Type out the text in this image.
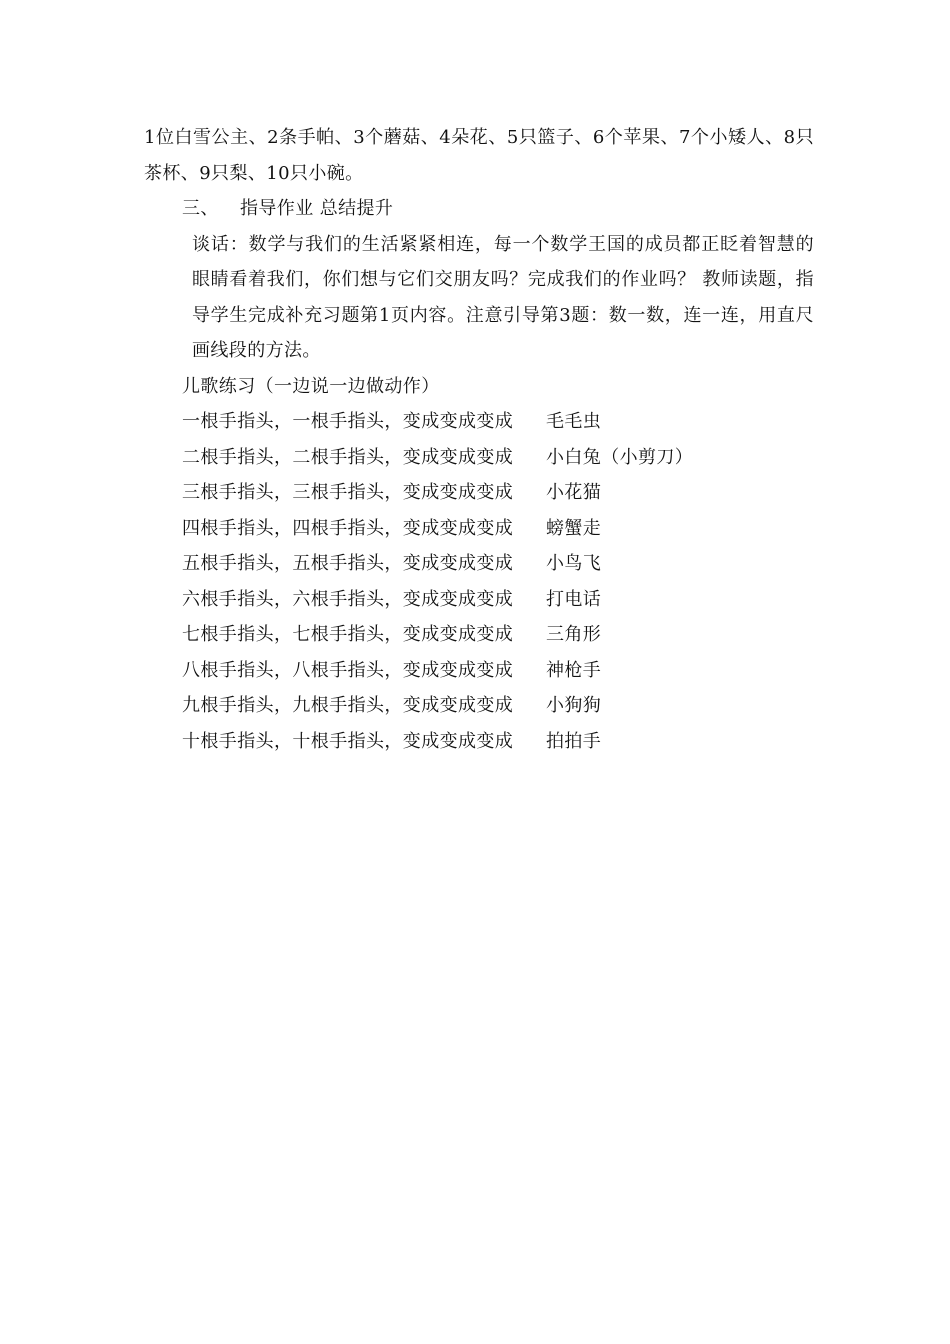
1位白雪公主、2条手帕、3个蘑菇、4朵花、5只篮子、6个苹果、7个小矮人、8只茶杯、9只梨、10只小碗。

三、 指导作业 总结提升

谈话：数学与我们的生活紧紧相连，每一个数学王国的成员都正眨着智慧的眼睛看着我们，你们想与它们交朋友吗？完成我们的作业吗？ 教师读题，指导学生完成补充习题第1页内容。注意引导第3题：数一数，连一连，用直尺画线段的方法。

儿歌练习（一边说一边做动作）

一根手指头，一根手指头，变成变成变成 毛毛虫

二根手指头，二根手指头，变成变成变成 小白兔（小剪刀）

三根手指头，三根手指头，变成变成变成 小花猫

四根手指头，四根手指头，变成变成变成 螃蟹走

五根手指头，五根手指头，变成变成变成 小鸟飞

六根手指头，六根手指头，变成变成变成 打电话

七根手指头，七根手指头，变成变成变成 三角形

八根手指头，八根手指头，变成变成变成 神枪手

九根手指头，九根手指头，变成变成变成 小狗狗

十根手指头，十根手指头，变成变成变成 拍拍手
